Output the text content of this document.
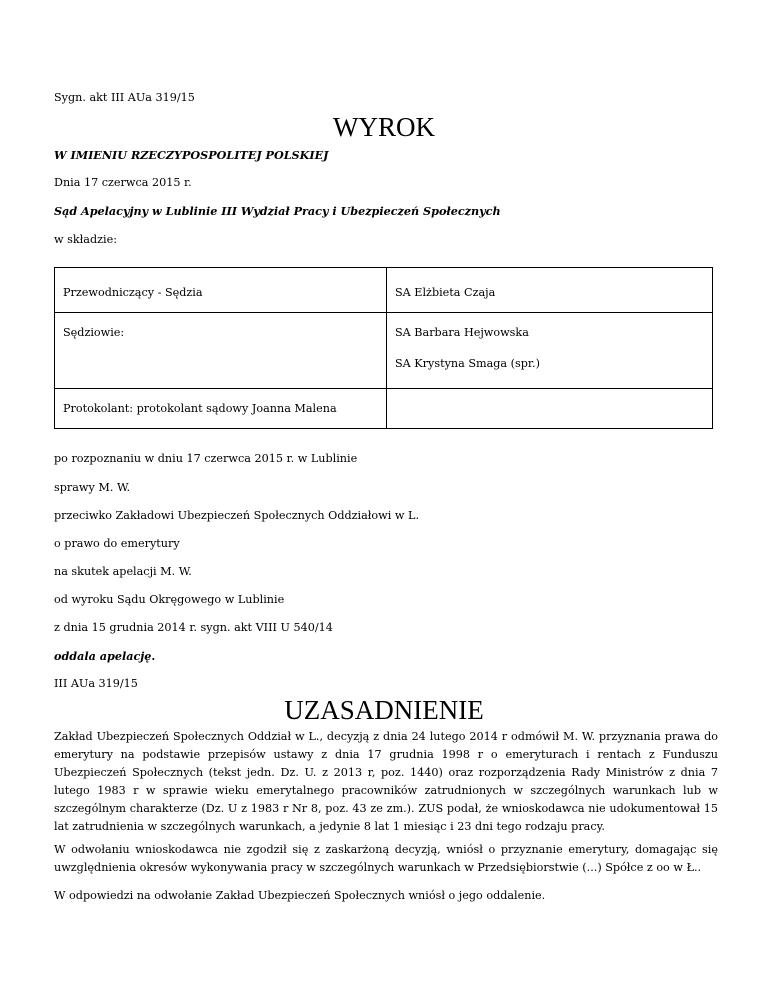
Sygn. akt III AUa 319/15
WYROK
W IMIENIU RZECZYPOSPOLITEJ POLSKIEJ
Dnia 17 czerwca 2015 r.
Sąd Apelacyjny w Lublinie III Wydział Pracy i Ubezpieczeń Społecznych
w składzie:
Przewodniczący - Sędzia	SA Elżbieta Czaja

Sędziowie:	SA Barbara Hejwowska
SA Krystyna Smaga (spr.)

Protokolant: protokolant sądowy Joanna Malena	

po rozpoznaniu w dniu 17 czerwca 2015 r. w Lublinie
sprawy M. W.
przeciwko Zakładowi Ubezpieczeń Społecznych Oddziałowi w L.
o prawo do emerytury
na skutek apelacji M. W.
od wyroku Sądu Okręgowego w Lublinie
z dnia 15 grudnia 2014 r. sygn. akt VIII U 540/14
oddala apelację.
III AUa 319/15
UZASADNIENIE
Zakład Ubezpieczeń Społecznych Oddział w L., decyzją z dnia 24 lutego 2014 r odmówił M. W. przyznania prawa do emerytury na podstawie przepisów ustawy z dnia 17 grudnia 1998 r o emeryturach i rentach z Funduszu Ubezpieczeń Społecznych (tekst jedn. Dz. U. z 2013 r, poz. 1440) oraz rozporządzenia Rady Ministrów z dnia 7 lutego 1983 r w sprawie wieku emerytalnego pracowników zatrudnionych w szczególnych warunkach lub w szczególnym charakterze (Dz. U z 1983 r Nr 8, poz. 43 ze zm.). ZUS podał, że wnioskodawca nie udokumentował 15 lat zatrudnienia w szczególnych warunkach, a jedynie 8 lat 1 miesiąc i 23 dni tego rodzaju pracy.
W odwołaniu wnioskodawca nie zgodził się z zaskarżoną decyzją, wniósł o przyznanie emerytury, domagając się uwzględnienia okresów wykonywania pracy w szczególnych warunkach w Przedsiębiorstwie (...) Spółce z oo w Ł..
W odpowiedzi na odwołanie Zakład Ubezpieczeń Społecznych wniósł o jego oddalenie.
